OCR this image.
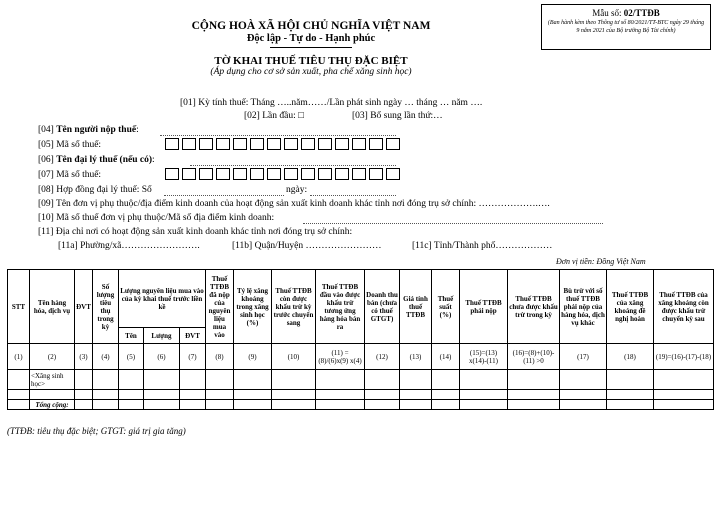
Mẫu số: 02/TTĐB
(Ban hành kèm theo Thông tư số 80/2021/TT-BTC ngày 29 tháng 9 năm 2021 của Bộ trưởng Bộ Tài chính)
CỘNG HOÀ XÃ HỘI CHỦ NGHĨA VIỆT NAM
Độc lập - Tự do - Hạnh phúc
TỜ KHAI THUẾ TIÊU THỤ ĐẶC BIỆT
(Áp dụng cho cơ sở sản xuất, pha chế xăng sinh học)
[01] Kỳ tính thuế: Tháng …..năm……/Lần phát sinh ngày … tháng … năm ….
[02] Lần đầu: □	[03] Bổ sung lần thứ:…
[04] Tên người nộp thuế:
[05] Mã số thuế:
[06] Tên đại lý thuế (nếu có):
[07] Mã số thuế:
[08] Hợp đồng đại lý thuế: Số	ngày:
[09] Tên đơn vị phụ thuộc/địa điểm kinh doanh của hoạt động sản xuất kinh doanh khác tỉnh nơi đóng trụ sở chính: ……………….….
[10] Mã số thuế đơn vị phụ thuộc/Mã số địa điểm kinh doanh:
[11] Địa chỉ nơi có hoạt động sản xuất kinh doanh khác tỉnh nơi đóng trụ sở chính:
[11a] Phường/xã…………………….	[11b] Quận/Huyện ……………………	[11c] Tỉnh/Thành phố………………
Đơn vị tiền: Đồng Việt Nam
STT	Tên hàng hóa, dịch vụ	ĐVT	Số lượng tiêu thụ trong kỳ	Lượng nguyên liệu mua vào của kỳ khai thuế trước liền kề			Thuế TTĐB đã nộp của nguyên liệu mua vào	Tỷ lệ xăng khoáng trong xăng sinh học (%)	Thuế TTĐB còn được khấu trừ kỳ trước chuyển sang	Thuế TTĐB đầu vào được khấu trừ tương ứng hàng hóa bán ra	Doanh thu bán (chưa có thuế GTGT)	Giá tính thuế TTĐB	Thuế suất (%)	Thuế TTĐB phải nộp	Thuế TTĐB chưa được khấu trừ trong kỳ	Bù trừ với số thuế TTĐB phải nộp của hàng hóa, dịch vụ khác	Thuế TTĐB của xăng khoáng đề nghị hoàn	Thuế TTĐB của xăng khoáng còn được khấu trừ chuyển kỳ sau
				Tên	Lượng	ĐVT												
(1)	(2)	(3)	(4)	(5)	(6)	(7)	(8)	(9)	(10)	(11) = (8)/(6)x(9) x(4)	(12)	(13)	(14)	(15)=(13) x(14)-(11)	(16)=(8)+(10)-(11) >0	(17)	(18)	(19)=(16)-(17)-(18)
	<Xăng sinh học>																	

	Tổng cộng:																	
(TTĐB: tiêu thụ đặc biệt; GTGT: giá trị gia tăng)
